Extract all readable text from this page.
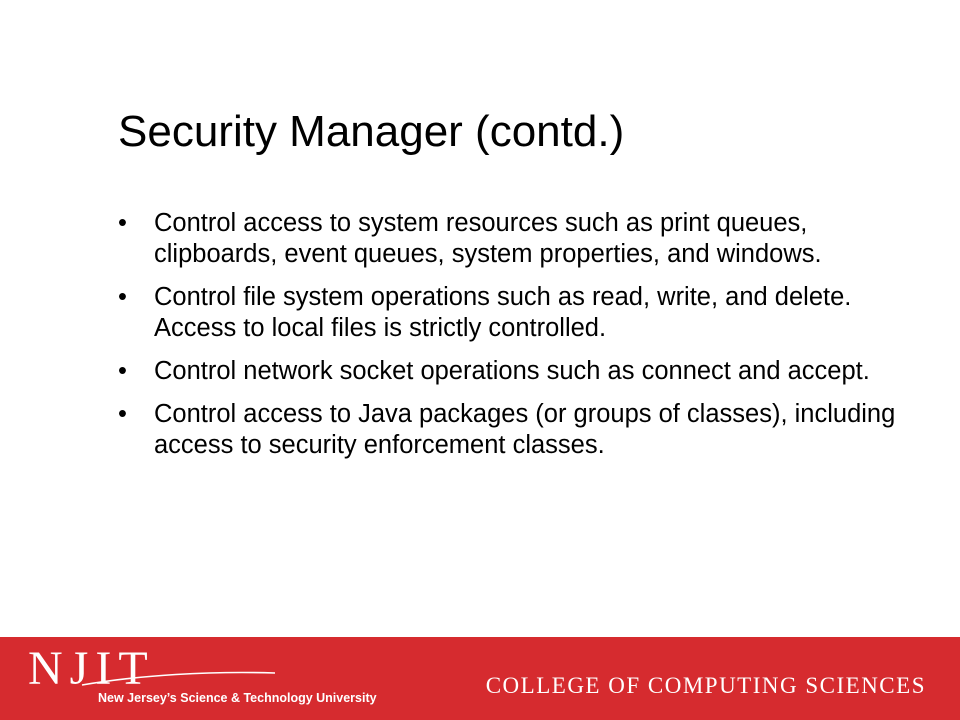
Security Manager (contd.)
• Control access to system resources such as print queues, clipboards, event queues, system properties, and windows.
• Control file system operations such as read, write, and delete. Access to local files is strictly controlled.
• Control network socket operations such as connect and accept.
• Control access to Java packages (or groups of classes), including access to security enforcement classes.
NJIT
New Jersey’s Science & Technology University	COLLEGE OF COMPUTING SCIENCES
